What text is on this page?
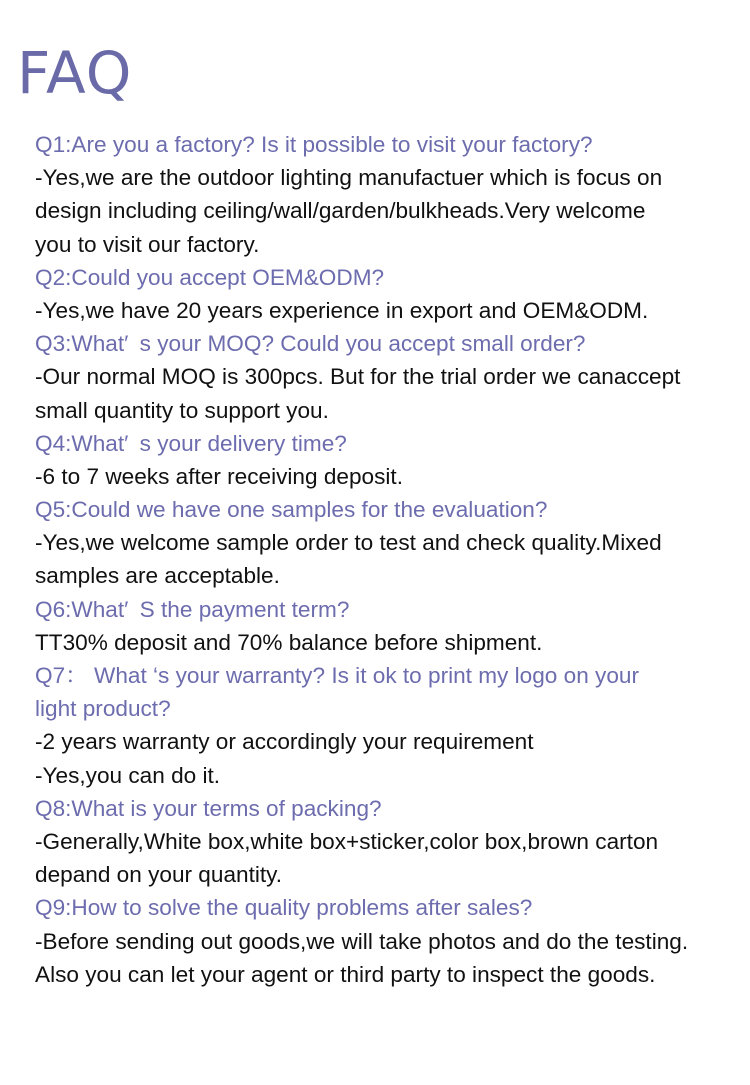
FAQ
Q1:Are you a factory? Is it possible to visit your factory?
-Yes,we are the outdoor lighting manufactuer which is focus on
design including ceiling/wall/garden/bulkheads.Very welcome
you to visit our factory.
Q2:Could you accept OEM&ODM?
-Yes,we have 20 years experience in export and OEM&ODM.
Q3:What′ s your MOQ? Could you accept small order?
-Our normal MOQ is 300pcs. But for the trial order we canaccept
small quantity to support you.
Q4:What′ s your delivery time?
-6 to 7 weeks after receiving deposit.
Q5:Could we have one samples for the evaluation?
-Yes,we welcome sample order to test and check quality.Mixed
samples are acceptable.
Q6:What′ S the payment term?
TT30% deposit and 70% balance before shipment.
Q7： What ‘s your warranty? Is it ok to print my logo on your
light product?
-2 years warranty or accordingly your requirement
-Yes,you can do it.
Q8:What is your terms of packing?
-Generally,White box,white box+sticker,color box,brown carton
depand on your quantity.
Q9:How to solve the quality problems after sales?
-Before sending out goods,we will take photos and do the testing.
Also you can let your agent or third party to inspect the goods.
